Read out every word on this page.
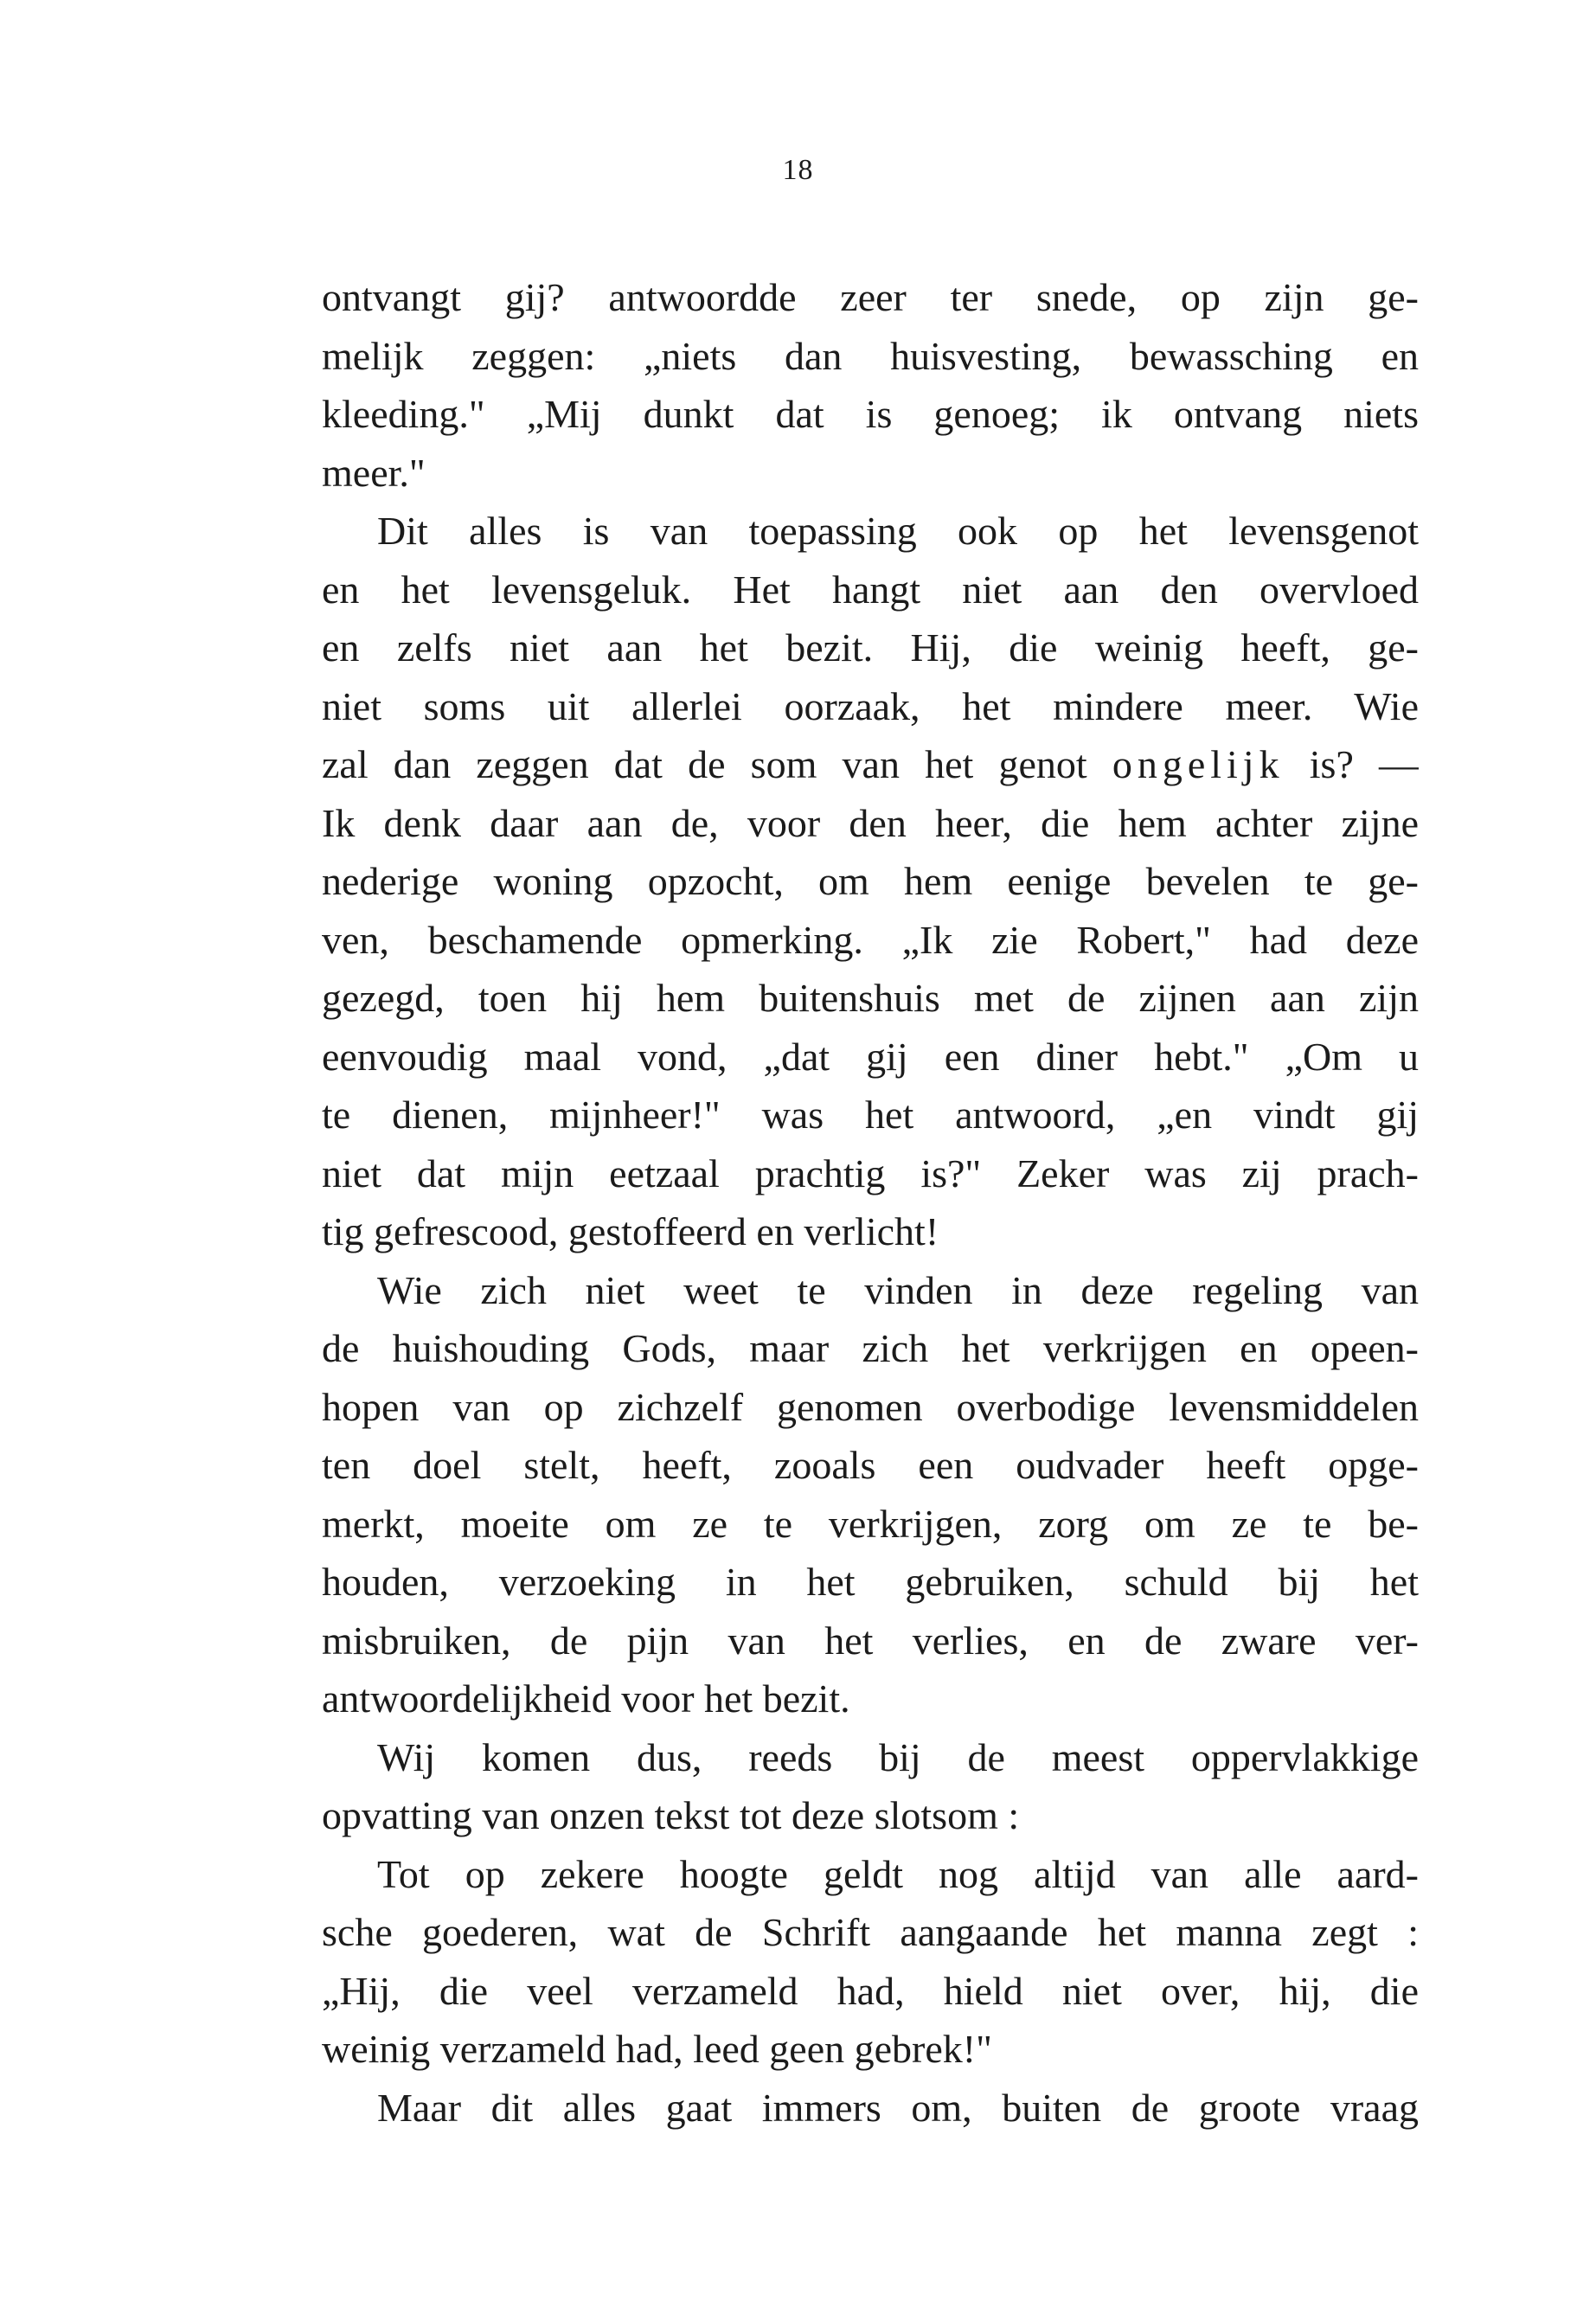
18
ontvangt gij? antwoordde zeer ter snede, op zijn ge-
melijk zeggen: „niets dan huisvesting, bewassching en
kleeding." „Mij dunkt dat is genoeg; ik ontvang niets
meer."
Dit alles is van toepassing ook op het levensgenot
en het levensgeluk. Het hangt niet aan den overvloed
en zelfs niet aan het bezit. Hij, die weinig heeft, ge-
niet soms uit allerlei oorzaak, het mindere meer. Wie
zal dan zeggen dat de som van het genot ongelijk is? —
Ik denk daar aan de, voor den heer, die hem achter zijne
nederige woning opzocht, om hem eenige bevelen te ge-
ven, beschamende opmerking. „Ik zie Robert," had deze
gezegd, toen hij hem buitenshuis met de zijnen aan zijn
eenvoudig maal vond, „dat gij een diner hebt." „Om u
te dienen, mijnheer!" was het antwoord, „en vindt gij
niet dat mijn eetzaal prachtig is?" Zeker was zij prach-
tig gefrescood, gestoffeerd en verlicht!
Wie zich niet weet te vinden in deze regeling van
de huishouding Gods, maar zich het verkrijgen en opeen-
hopen van op zichzelf genomen overbodige levensmiddelen
ten doel stelt, heeft, zooals een oudvader heeft opge-
merkt, moeite om ze te verkrijgen, zorg om ze te be-
houden, verzoeking in het gebruiken, schuld bij het
misbruiken, de pijn van het verlies, en de zware ver-
antwoordelijkheid voor het bezit.
Wij komen dus, reeds bij de meest oppervlakkige
opvatting van onzen tekst tot deze slotsom :
Tot op zekere hoogte geldt nog altijd van alle aard-
sche goederen, wat de Schrift aangaande het manna zegt :
„Hij, die veel verzameld had, hield niet over, hij, die
weinig verzameld had, leed geen gebrek!"
Maar dit alles gaat immers om, buiten de groote vraag
